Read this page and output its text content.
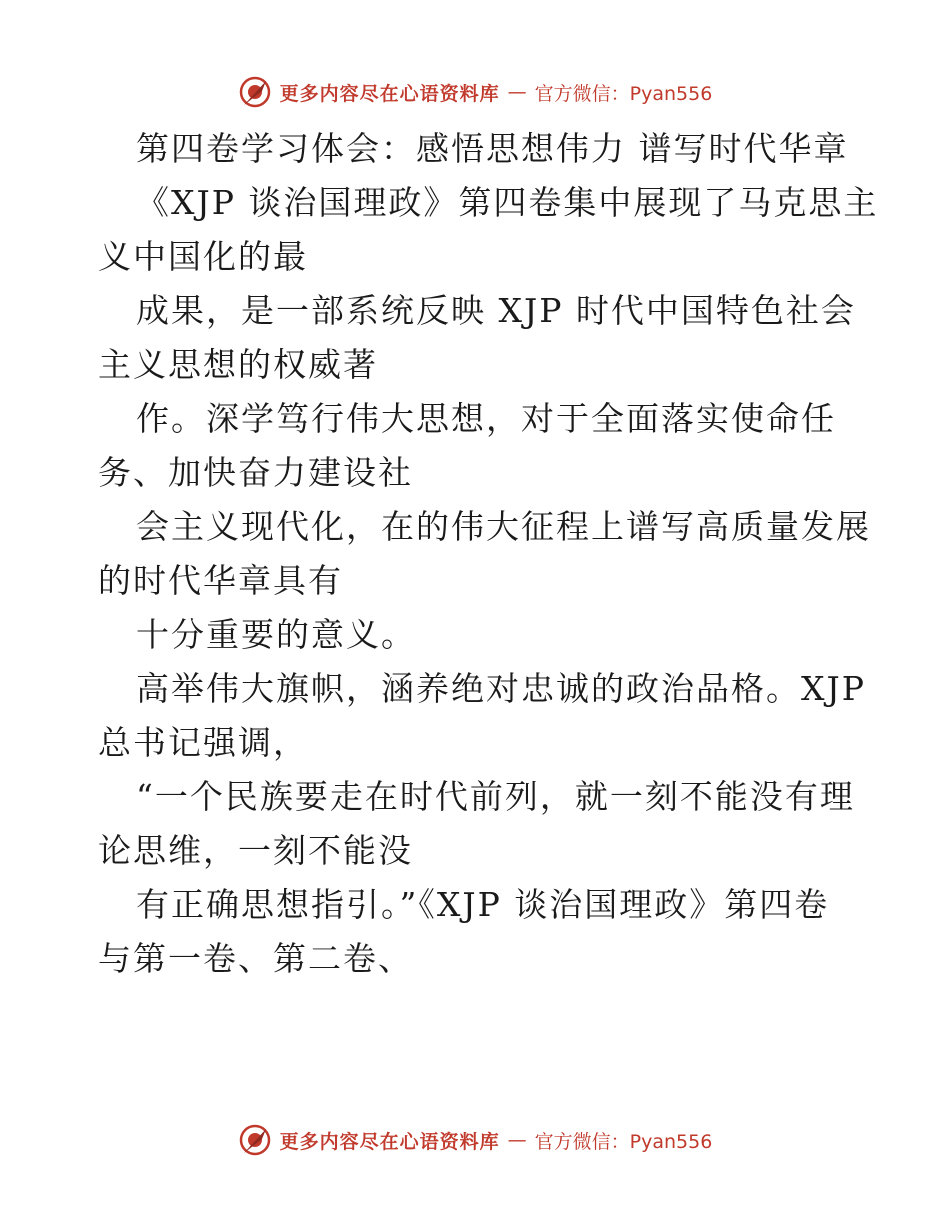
更多内容尽在心语资料库 — 官方微信：Pyan556
第四卷学习体会：感悟思想伟力 谱写时代华章
《XJP 谈治国理政》第四卷集中展现了马克思主
义中国化的最
成果，是一部系统反映 XJP 时代中国特色社会
主义思想的权威著
作。深学笃行伟大思想，对于全面落实使命任
务、加快奋力建设社
会主义现代化，在的伟大征程上谱写高质量发展
的时代华章具有
十分重要的意义。
高举伟大旗帜，涵养绝对忠诚的政治品格。XJP
总书记强调，
“一个民族要走在时代前列，就一刻不能没有理
论思维，一刻不能没
有正确思想指引。”《XJP 谈治国理政》第四卷
与第一卷、第二卷、
更多内容尽在心语资料库 — 官方微信：Pyan556
